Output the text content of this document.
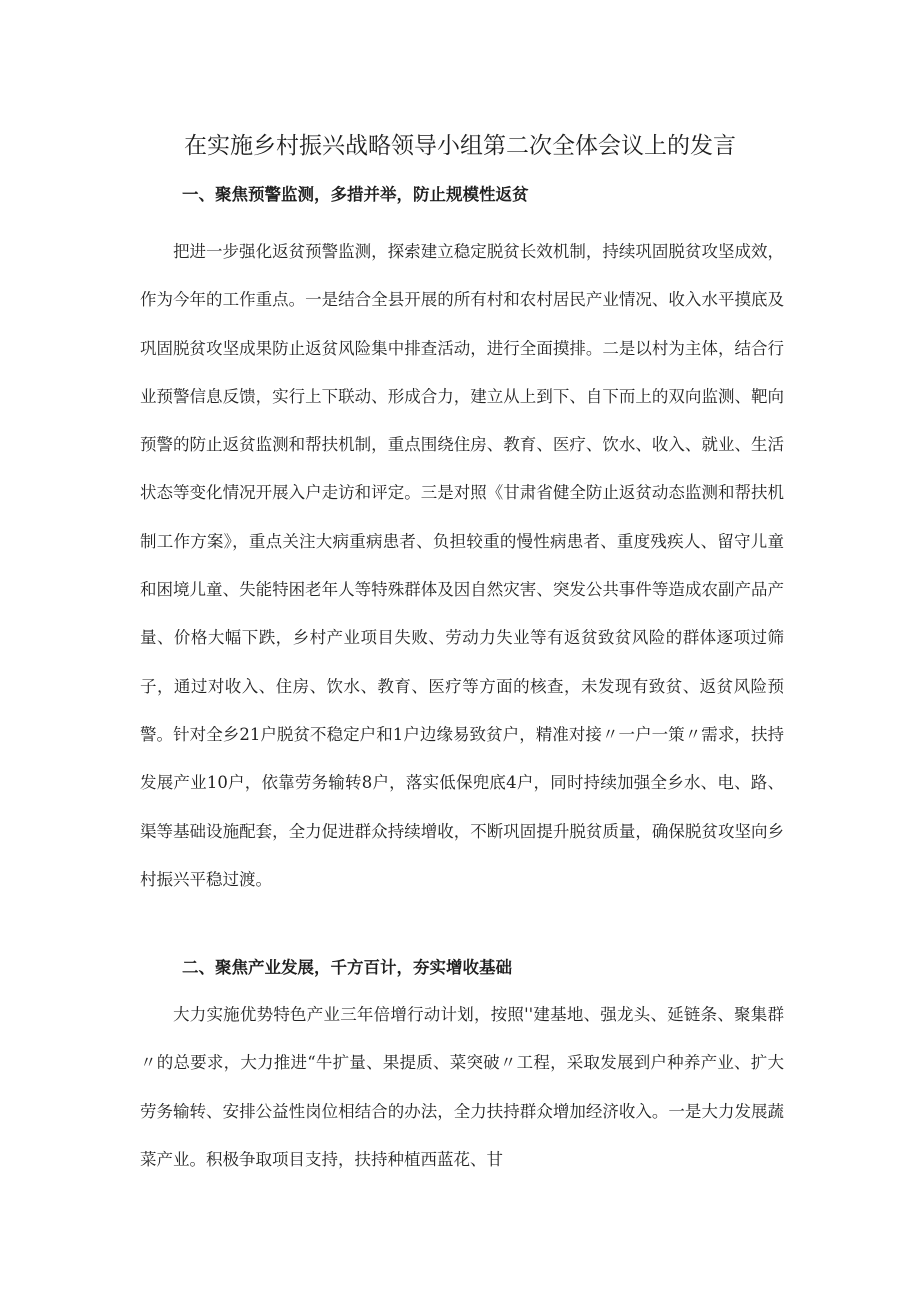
在实施乡村振兴战略领导小组第二次全体会议上的发言
一、聚焦预警监测，多措并举，防止规模性返贫

把进一步强化返贫预警监测，探索建立稳定脱贫长效机制，持续巩固脱贫攻坚成效，作为今年的工作重点。一是结合全县开展的所有村和农村居民产业情况、收入水平摸底及巩固脱贫攻坚成果防止返贫风险集中排查活动，进行全面摸排。二是以村为主体，结合行业预警信息反馈，实行上下联动、形成合力，建立从上到下、自下而上的双向监测、靶向预警的防止返贫监测和帮扶机制，重点围绕住房、教育、医疗、饮水、收入、就业、生活状态等变化情况开展入户走访和评定。三是对照《甘肃省健全防止返贫动态监测和帮扶机制工作方案》，重点关注大病重病患者、负担较重的慢性病患者、重度残疾人、留守儿童和困境儿童、失能特困老年人等特殊群体及因自然灾害、突发公共事件等造成农副产品产量、价格大幅下跌，乡村产业项目失败、劳动力失业等有返贫致贫风险的群体逐项过筛子，通过对收入、住房、饮水、教育、医疗等方面的核查，未发现有致贫、返贫风险预警。针对全乡21户脱贫不稳定户和1户边缘易致贫户，精准对接〃一户一策〃需求，扶持发展产业10户，依靠劳务输转8户，落实低保兜底4户，同时持续加强全乡水、电、路、渠等基础设施配套，全力促进群众持续增收，不断巩固提升脱贫质量，确保脱贫攻坚向乡村振兴平稳过渡。

二、聚焦产业发展，千方百计，夯实增收基础

大力实施优势特色产业三年倍增行动计划，按照''建基地、强龙头、延链条、聚集群〃的总要求，大力推进“牛扩量、果提质、菜突破〃工程，采取发展到户种养产业、扩大劳务输转、安排公益性岗位相结合的办法，全力扶持群众增加经济收入。一是大力发展蔬菜产业。积极争取项目支持，扶持种植西蓝花、甘
